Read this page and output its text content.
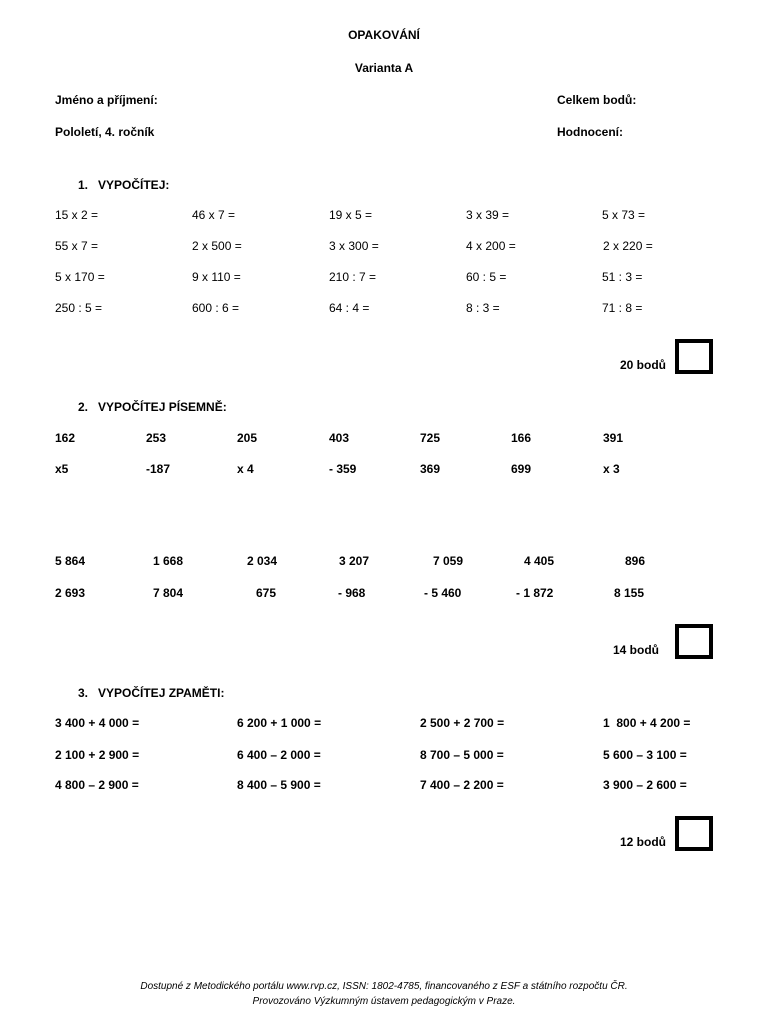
OPAKOVÁNÍ
Varianta A
Jméno a příjmení:	Celkem bodů:
Pololetí, 4. ročník	Hodnocení:
1.   VYPOČÍTEJ:
15 x 2 =	46 x 7 =	19 x 5 =	3 x 39 =	5 x 73 =
55 x 7 =	2 x 500 =	3 x 300 =	4 x 200 =	2 x 220 =
5 x 170 =	9 x 110 =	210 : 7 =	60 : 5 =	51 : 3 =
250 : 5 =	600 : 6 =	64 : 4 =	8 : 3 =	71 : 8 =
20 bodů
2.   VYPOČÍTEJ PÍSEMNĚ:
162	253	205	403	725	166	391
x5	-187	x 4	- 359	369	699	x 3
5 864	1 668	2 034	3 207	7 059	4 405	896
2 693	7 804	675	- 968	- 5 460	- 1 872	8 155
14 bodů
3.   VYPOČÍTEJ ZPAMĚTI:
3 400 + 4 000 =	6 200 + 1 000 =	2 500 + 2 700 =	1  800 + 4 200 =
2 100 + 2 900 =	6 400 – 2 000 =	8 700 – 5 000 =	5 600 – 3 100 =
4 800 – 2 900 =	8 400 – 5 900 =	7 400 – 2 200 =	3 900 – 2 600 =
12 bodů
Dostupné z Metodického portálu www.rvp.cz, ISSN: 1802-4785, financovaného z ESF a státního rozpočtu ČR.
Provozováno Výzkumným ústavem pedagogickým v Praze.
